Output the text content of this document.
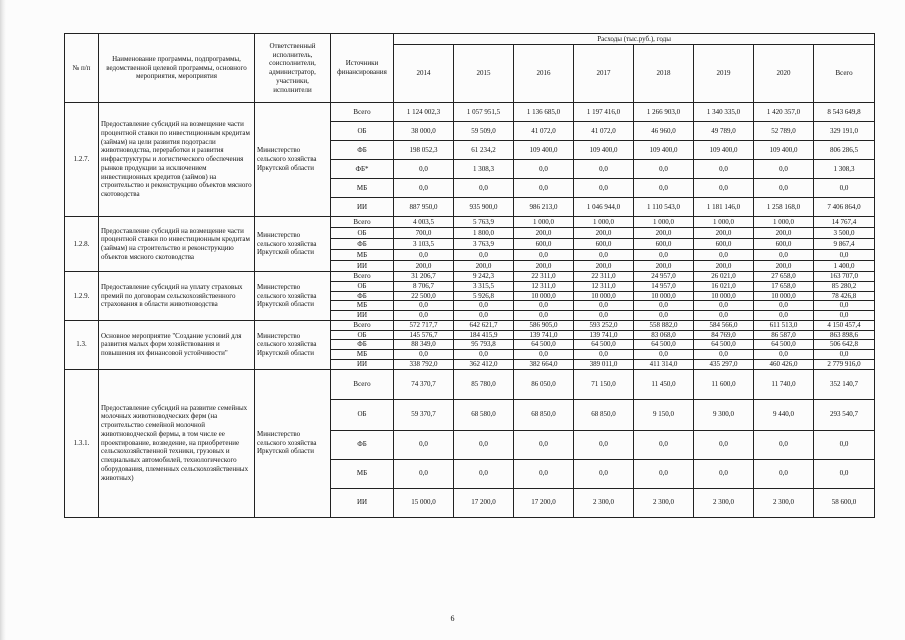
№ п/п	Наименование программы, подпрограммы, ведомственной целевой программы, основного мероприятия, мероприятия	Ответственный исполнитель, соисполнители, администратор, участники, исполнители	Источники финансирования	Расходы (тыс.руб.), годы							
				2014	2015	2016	2017	2018	2019	2020	Всего
1.2.7.	Предоставление субсидий на возмещение части процентной ставки по инвестиционным кредитам (займам) на цели развития подотрасли животноводства, переработки и развития инфраструктуры и логистического обеспечения рынков продукции за исключением инвестиционных кредитов (займов) на строительство и реконструкцию объектов мясного скотоводства	Министерство сельского хозяйства Иркутской области	Всего	1 124 002,3	1 057 951,5	1 136 685,0	1 197 416,0	1 266 903,0	1 340 335,0	1 420 357,0	8 543 649,8
			ОБ	38 000,0	59 509,0	41 072,0	41 072,0	46 960,0	49 789,0	52 789,0	329 191,0
			ФБ	198 052,3	61 234,2	109 400,0	109 400,0	109 400,0	109 400,0	109 400,0	806 286,5
			ФБ*	0,0	1 308,3	0,0	0,0	0,0	0,0	0,0	1 308,3
			МБ	0,0	0,0	0,0	0,0	0,0	0,0	0,0	0,0
			ИИ	887 950,0	935 900,0	986 213,0	1 046 944,0	1 110 543,0	1 181 146,0	1 258 168,0	7 406 864,0
1.2.8.	Предоставление субсидий на возмещение части процентной ставки по инвестиционным кредитам (займам) на строительство и реконструкцию объектов мясного скотоводства	Министерство сельского хозяйства Иркутской области	Всего	4 003,5	5 763,9	1 000,0	1 000,0	1 000,0	1 000,0	1 000,0	14 767,4
			ОБ	700,0	1 800,0	200,0	200,0	200,0	200,0	200,0	3 500,0
			ФБ	3 103,5	3 763,9	600,0	600,0	600,0	600,0	600,0	9 867,4
			МБ	0,0	0,0	0,0	0,0	0,0	0,0	0,0	0,0
			ИИ	200,0	200,0	200,0	200,0	200,0	200,0	200,0	1 400,0
1.2.9.	Предоставление субсидий на уплату страховых премий по договорам сельскохозяйственного страхования в области животноводства	Министерство сельского хозяйства Иркутской области	Всего	31 206,7	9 242,3	22 311,0	22 311,0	24 957,0	26 021,0	27 658,0	163 707,0
			ОБ	8 706,7	3 315,5	12 311,0	12 311,0	14 957,0	16 021,0	17 658,0	85 280,2
			ФБ	22 500,0	5 926,8	10 000,0	10 000,0	10 000,0	10 000,0	10 000,0	78 426,8
			МБ	0,0	0,0	0,0	0,0	0,0	0,0	0,0	0,0
			ИИ	0,0	0,0	0,0	0,0	0,0	0,0	0,0	0,0
1.3.	Основное мероприятие "Создание условий для развития малых форм хозяйствования и повышения их финансовой устойчивости"	Министерство сельского хозяйства Иркутской области	Всего	572 717,7	642 621,7	586 905,0	593 252,0	558 882,0	584 566,0	611 513,0	4 150 457,4
			ОБ	145 576,7	184 415,9	139 741,0	139 741,0	83 068,0	84 769,0	86 587,0	863 898,6
			ФБ	88 349,0	95 793,8	64 500,0	64 500,0	64 500,0	64 500,0	64 500,0	506 642,8
			МБ	0,0	0,0	0,0	0,0	0,0	0,0	0,0	0,0
			ИИ	338 792,0	362 412,0	382 664,0	389 011,0	411 314,0	435 297,0	460 426,0	2 779 916,0
1.3.1.	Предоставление субсидий на развитие семейных молочных животноводческих ферм (на строительство семейной молочной животноводческой фермы, в том числе ее проектирование, возведение, на приобретение сельскохозяйственной техники, грузовых и специальных автомобилей, технологического оборудования, племенных сельскохозяйственных животных)	Министерство сельского хозяйства Иркутской области	Всего	74 370,7	85 780,0	86 050,0	71 150,0	11 450,0	11 600,0	11 740,0	352 140,7
			ОБ	59 370,7	68 580,0	68 850,0	68 850,0	9 150,0	9 300,0	9 440,0	293 540,7
			ФБ	0,0	0,0	0,0	0,0	0,0	0,0	0,0	0,0
			МБ	0,0	0,0	0,0	0,0	0,0	0,0	0,0	0,0
			ИИ	15 000,0	17 200,0	17 200,0	2 300,0	2 300,0	2 300,0	2 300,0	58 600,0
6
